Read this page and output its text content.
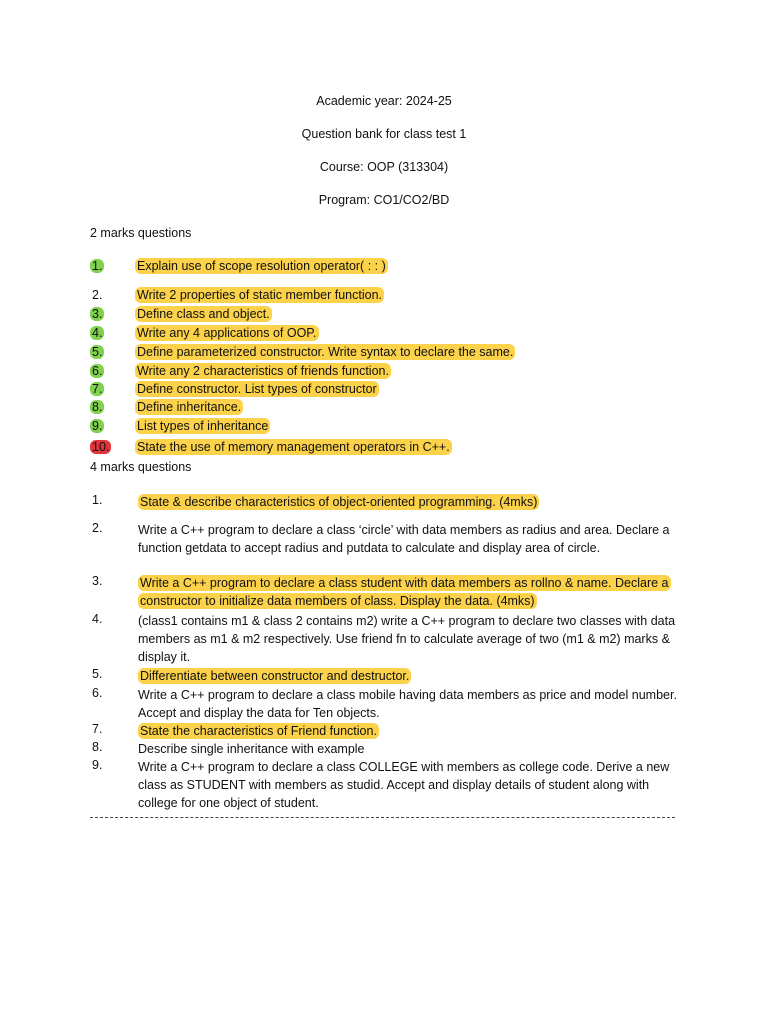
Academic year: 2024-25
Question bank for class test 1
Course: OOP (313304)
Program: CO1/CO2/BD
2 marks questions
1.	Explain use of scope resolution operator( : : )
2.	Write 2 properties of static member function.
3.	Define class and object.
4.	Write any 4 applications of OOP.
5.	Define parameterized constructor. Write syntax to declare the same.
6.	Write any 2 characteristics of friends function.
7.	Define constructor. List types of constructor
8.	Define inheritance.
9.	List types of inheritance
10. State the use of memory management operators in C++.
4 marks questions
1.	State & describe characteristics of object-oriented programming. (4mks)
2.	Write a C++ program to declare a class ‘circle’ with data members as radius and area. Declare a function getdata to accept radius and putdata to calculate and display area of circle.
3.	Write a C++ program to declare a class student with data members as rollno & name. Declare a constructor to initialize data members of class. Display the data. (4mks)
4.	(class1 contains m1 & class 2 contains m2) write a C++ program to declare two classes with data members as m1 & m2 respectively. Use friend fn to calculate average of two (m1 & m2) marks & display it.
5.	Differentiate between constructor and destructor.
6.	Write a C++ program to declare a class mobile having data members as price and model number. Accept and display the data for Ten objects.
7.	State the characteristics of Friend function.
8.	Describe single inheritance with example
9.	Write a C++ program to declare a class COLLEGE with members as college code. Derive a new class as STUDENT with members as studid. Accept and display details of student along with college for one object of student.
